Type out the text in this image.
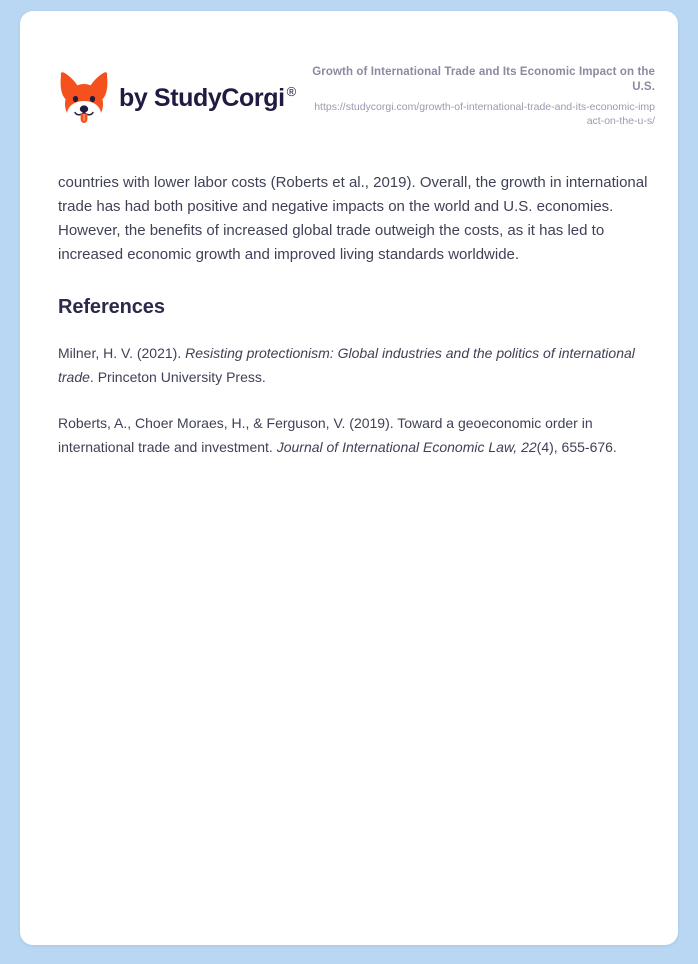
by StudyCorgi ®
Growth of International Trade and Its Economic Impact on the U.S.
https://studycorgi.com/growth-of-international-trade-and-its-economic-impact-on-the-u-s/

countries with lower labor costs (Roberts et al., 2019). Overall, the growth in international trade has had both positive and negative impacts on the world and U.S. economies. However, the benefits of increased global trade outweigh the costs, as it has led to increased economic growth and improved living standards worldwide.

References

Milner, H. V. (2021). Resisting protectionism: Global industries and the politics of international trade. Princeton University Press.

Roberts, A., Choer Moraes, H., & Ferguson, V. (2019). Toward a geoeconomic order in international trade and investment. Journal of International Economic Law, 22(4), 655-676.
